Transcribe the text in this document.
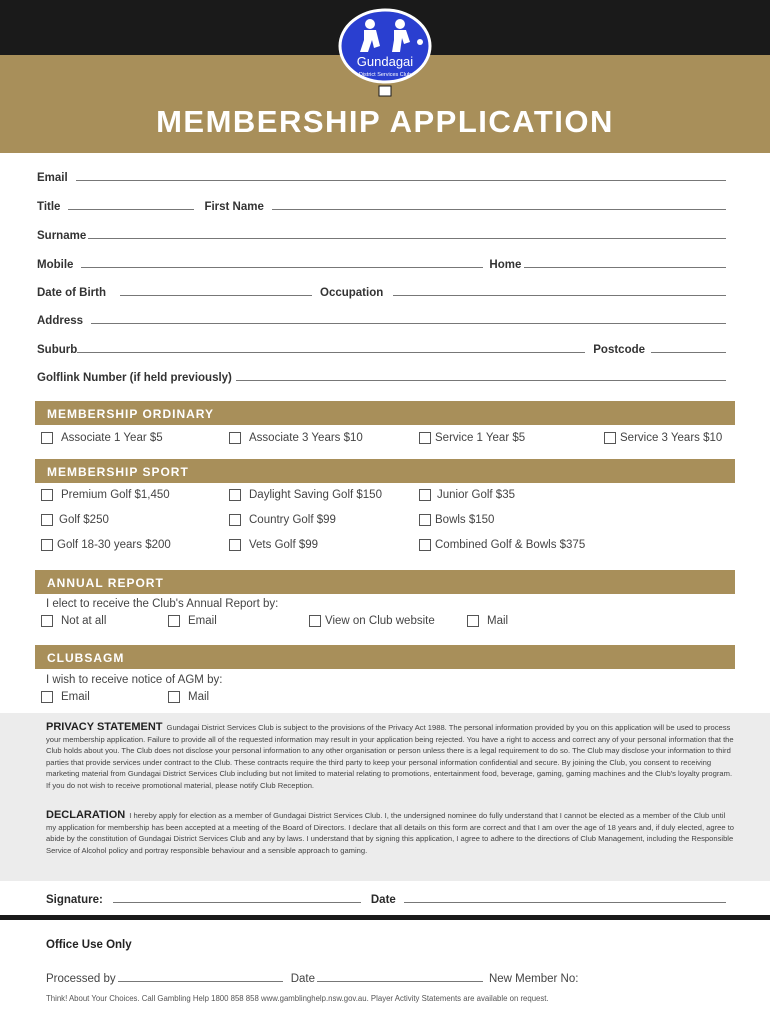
Gundagai
District Services Club
MEMBERSHIP APPLICATION
Email
Title	First Name
Surname
Mobile	Home
Date of Birth	Occupation
Address
Suburb	Postcode
Golflink Number (if held previously)
MEMBERSHIP ORDINARY
Associate 1 Year $5	Associate 3 Years $10	Service 1 Year $5	Service 3 Years $10
MEMBERSHIP SPORT
Premium Golf $1,450	Daylight Saving Golf $150	Junior Golf $35
Golf $250	Country Golf $99	Bowls $150
Golf 18-30 years $200	Vets Golf $99	Combined Golf & Bowls $375
ANNUAL REPORT
I elect to receive the Club's Annual Report by:
Not at all	Email	View on Club website	Mail
CLUBSAGM
I wish to receive notice of AGM by:
Email	Mail
PRIVACY STATEMENT Gundagai District Services Club is subject to the provisions of the Privacy Act 1988. The personal information provided by you on this application will be used to process your membership application. Failure to provide all of the requested information may result in your application being rejected. You have a right to access and correct any of your personal information that the Club holds about you. The Club does not disclose your personal information to any other organisation or person unless there is a legal requirement to do so. The Club may disclose your information to third parties that provide services under contract to the Club. These contracts require the third party to keep your personal information confidential and secure. By joining the Club, you consent to receiving marketing material from Gundagai District Services Club including but not limited to material relating to promotions, entertainment food, beverage, gaming, gaming machines and the Club's loyalty program. If you do not wish to receive promotional material, please notify Club Reception.
DECLARATION I hereby apply for election as a member of Gundagai District Services Club. I, the undersigned nominee do fully understand that I cannot be elected as a member of the Club until my application for membership has been accepted at a meeting of the Board of Directors. I declare that all details on this form are correct and that I am over the age of 18 years and, if duly elected, agree to abide by the constitution of Gundagai District Services Club and any by laws. I understand that by signing this application, I agree to adhere to the directions of Club Management, including the Responsible Service of Alcohol policy and portray responsible behaviour and a sensible approach to gaming.
Signature:	Date
Office Use Only
Processed by	Date	New Member No:
Think! About Your Choices. Call Gambling Help 1800 858 858 www.gamblinghelp.nsw.gov.au. Player Activity Statements are available on request.
